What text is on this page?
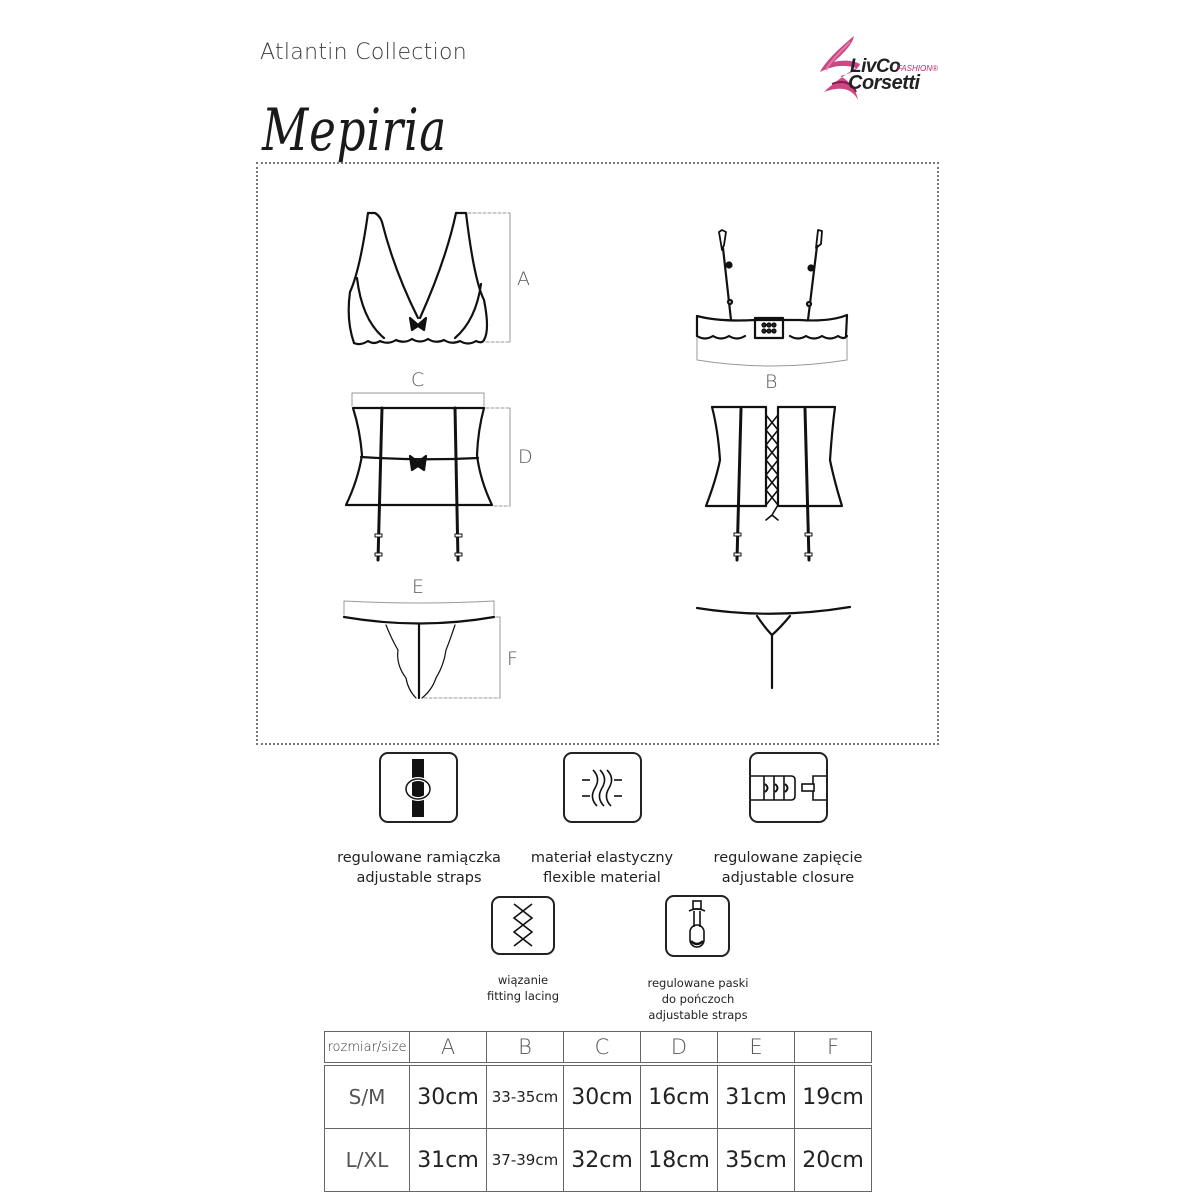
Atlantin Collection
Mepiria
LivCo
FASHION®
Corsetti
A
B
C
D
E
F
regulowane ramiączka
adjustable straps
materiał elastyczny
flexible material
regulowane zapięcie
adjustable closure
wiązanie
fitting lacing
regulowane paski
do pończoch
adjustable straps
rozmiar/size	A	B	C	D	E	F

S/M	30cm	33-35cm	30cm	16cm	31cm	19cm
L/XL	31cm	37-39cm	32cm	18cm	35cm	20cm
